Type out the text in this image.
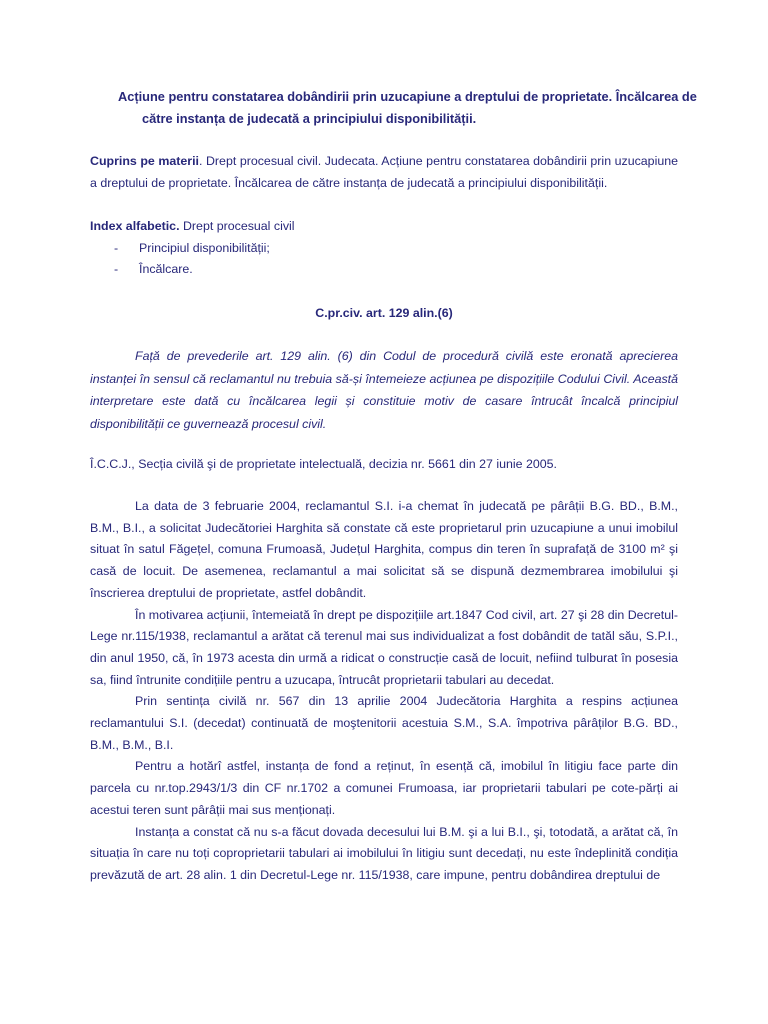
Acțiune pentru constatarea dobândirii prin uzucapiune a dreptului de proprietate. Încălcarea de
către instanța de judecată a principiului disponibilității.
Cuprins pe materii. Drept procesual civil. Judecata. Acțiune pentru constatarea dobândirii prin uzucapiune a dreptului de proprietate. Încălcarea de către instanța de judecată a principiului disponibilității.
Index alfabetic. Drept procesual civil
- Principiul disponibilității;
- Încălcare.
C.pr.civ. art. 129 alin.(6)
Față de prevederile art. 129 alin. (6) din Codul de procedură civilă este eronată aprecierea instanței în sensul că reclamantul nu trebuia să-și întemeieze acțiunea pe dispozițiile Codului Civil. Această interpretare este dată cu încălcarea legii și constituie motiv de casare întrucât încalcă principiul disponibilității ce guvernează procesul civil.
Î.C.C.J., Secția civilă şi de proprietate intelectuală, decizia nr. 5661 din 27 iunie 2005.

La data de 3 februarie 2004, reclamantul S.I. i-a chemat în judecată pe pârâții B.G. BD., B.M., B.M., B.I., a solicitat Judecătoriei Harghita să constate că este proprietarul prin uzucapiune a unui imobilul situat în satul Făgețel, comuna Frumoasă, Județul Harghita, compus din teren în suprafață de 3100 m² şi casă de locuit. De asemenea, reclamantul a mai solicitat să se dispună dezmembrarea imobilului şi înscrierea dreptului de proprietate, astfel dobândit.

În motivarea acțiunii, întemeiată în drept pe dispozițiile art.1847 Cod civil, art. 27 şi 28 din Decretul-Lege nr.115/1938, reclamantul a arătat că terenul mai sus individualizat a fost dobândit de tatăl său, S.P.I., din anul 1950, că, în 1973 acesta din urmă a ridicat o construcție casă de locuit, nefiind tulburat în posesia sa, fiind întrunite condițiile pentru a uzucapa, întrucât proprietarii tabulari au decedat.

Prin sentința civilă nr. 567 din 13 aprilie 2004 Judecătoria Harghita a respins acțiunea reclamantului S.I. (decedat) continuată de moştenitorii acestuia S.M., S.A. împotriva pârâților B.G. BD., B.M., B.M., B.I.

Pentru a hotărî astfel, instanța de fond a reținut, în esență că, imobilul în litigiu face parte din parcela cu nr.top.2943/1/3 din CF nr.1702 a comunei Frumoasa, iar proprietarii tabulari pe cote-părți ai acestui teren sunt pârâții mai sus menționați.

Instanța a constat că nu s-a făcut dovada decesului lui B.M. şi a lui B.I., şi, totodată, a arătat că, în situația în care nu toți coproprietarii tabulari ai imobilului în litigiu sunt decedați, nu este îndeplinită condiția prevăzută de art. 28 alin. 1 din Decretul-Lege nr. 115/1938, care impune, pentru dobândirea dreptului de
